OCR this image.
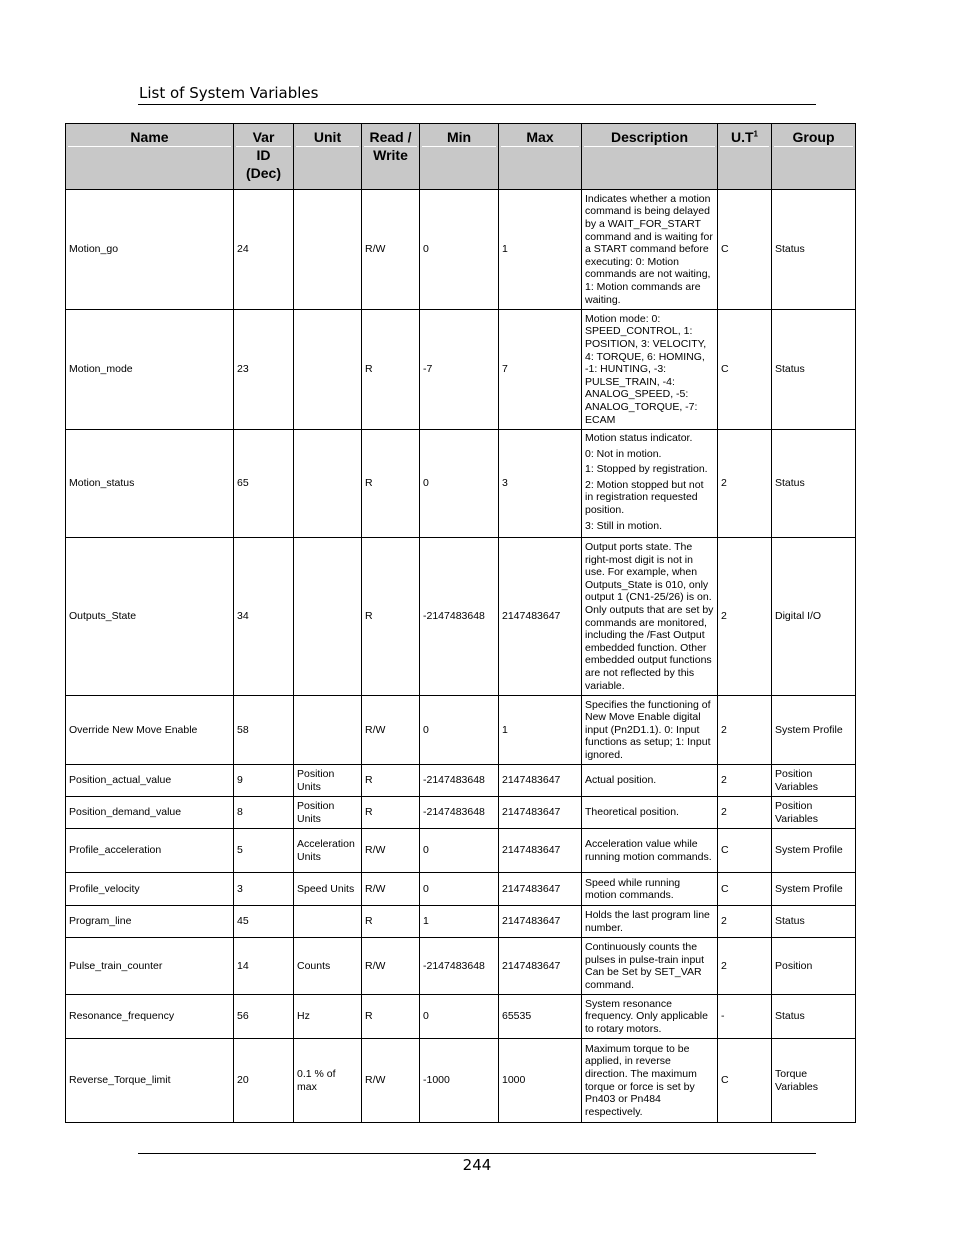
List of System Variables
Name	Var
ID
(Dec)	Unit	Read /
Write	Min	Max	Description	$U.T^1$	Group

Motion_go	24		R/W	0	1	Indicates whether a motion command is being delayed by a WAIT_FOR_START command and is waiting for a START command before executing: 0: Motion commands are not waiting, 1: Motion commands are waiting.	C	Status
Motion_mode	23		R	-7	7	Motion mode: 0: SPEED_CONTROL, 1: POSITION, 3: VELOCITY, 4: TORQUE, 6: HOMING, -1: HUNTING, -3: PULSE_TRAIN, -4: ANALOG_SPEED, -5: ANALOG_TORQUE, -7: ECAM	C	Status
Motion_status	65		R	0	3	Motion status indicator.
0: Not in motion.
1: Stopped by registration.
2: Motion stopped but not in registration requested position.
3: Still in motion.	2	Status
Outputs_State	34		R	-2147483648	2147483647	Output ports state. The right-most digit is not in use. For example, when Outputs_State is 010, only output 1 (CN1-25/26) is on. Only outputs that are set by commands are monitored, including the /Fast Output embedded function. Other embedded output functions are not reflected by this variable.	2	Digital I/O
Override New Move Enable	58		R/W	0	1	Specifies the functioning of New Move Enable digital input (Pn2D1.1). 0: Input functions as setup; 1: Input ignored.	2	System Profile
Position_actual_value	9	Position Units	R	-2147483648	2147483647	Actual position.	2	Position Variables
Position_demand_value	8	Position Units	R	-2147483648	2147483647	Theoretical position.	2	Position Variables
Profile_acceleration	5	Acceleration Units	R/W	0	2147483647	Acceleration value while running motion commands.	C	System Profile
Profile_velocity	3	Speed Units	R/W	0	2147483647	Speed while running motion commands.	C	System Profile
Program_line	45		R	1	2147483647	Holds the last program line number.	2	Status
Pulse_train_counter	14	Counts	R/W	-2147483648	2147483647	Continuously counts the pulses in pulse-train input Can be Set by SET_VAR command.	2	Position
Resonance_frequency	56	Hz	R	0	65535	System resonance frequency. Only applicable to rotary motors.	-	Status
Reverse_Torque_limit	20	0.1 % of max	R/W	-1000	1000	Maximum torque to be applied, in reverse direction. The maximum torque or force is set by Pn403 or Pn484 respectively.	C	Torque Variables
244
